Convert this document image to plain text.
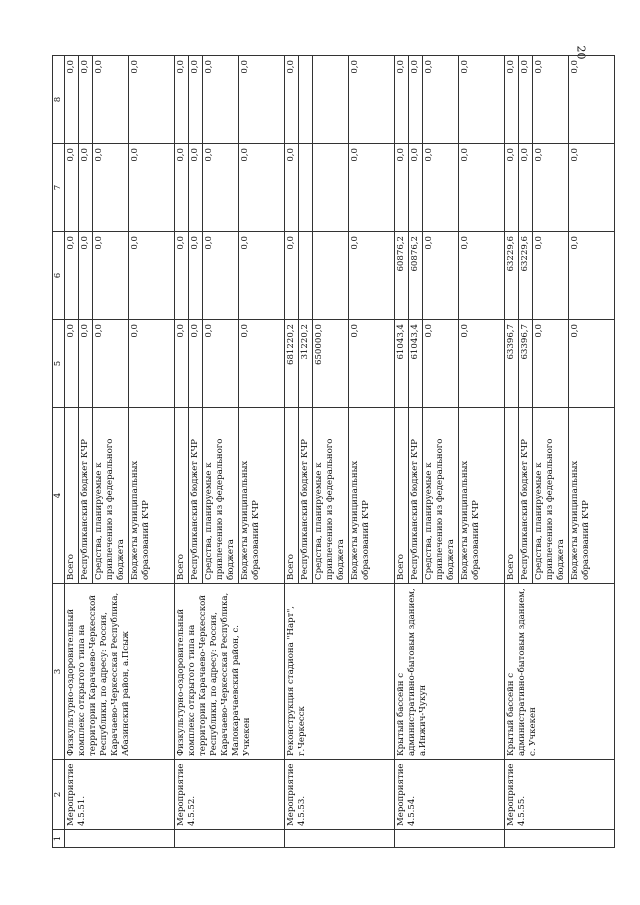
20
1	2	3	4	5	6	7	8
	Мероприятие 4.5.51.	Физкультурно-оздоровительный комплекс открытого типа на территории Карачаево-Черкесской Республики, по адресу: Россия, Карачаево-Черкесская Республика, Абазинский район, а.Псыж	Всего	0,0	0,0	0,0	0,0
			Республиканский бюджет КЧР	0,0	0,0	0,0	0,0
			Средства, планируемые к привлечению из федерального бюджета	0,0	0,0	0,0	0,0
			Бюджеты муниципальных образований КЧР	0,0	0,0	0,0	0,0
	Мероприятие 4.5.52.	Физкультурно-оздоровительный комплекс открытого типа на территории Карачаево-Черкесской Республики, по адресу: Россия, Карачаево-Черкесская Республика, Малокарачаевский район, с. Учкекен	Всего	0,0	0,0	0,0	0,0
			Республиканский бюджет КЧР	0,0	0,0	0,0	0,0
			Средства, планируемые к привлечению из федерального бюджета	0,0	0,0	0,0	0,0
			Бюджеты муниципальных образований КЧР	0,0	0,0	0,0	0,0
	Мероприятие 4.5.53.	Реконструкция стадиона "Нарт", г.Черкесск	Всего	681220,2	0,0	0,0	0,0
			Республиканский бюджет КЧР	31220,2			
			Средства, планируемые к привлечению из федерального бюджета	650000,0			
			Бюджеты муниципальных образований КЧР	0,0	0,0	0,0	0,0
	Мероприятие 4.5.54.	Крытый бассейн с административно-бытовым зданием, а.Инжич-Чукун	Всего	61043,4	60876,2	0,0	0,0
			Республиканский бюджет КЧР	61043,4	60876,2	0,0	0,0
			Средства, планируемые к привлечению из федерального бюджета	0,0	0,0	0,0	0,0
			Бюджеты муниципальных образований КЧР	0,0	0,0	0,0	0,0
	Мероприятие 4.5.55.	Крытый бассейн с административно-бытовым зданием, с. Учкекен	Всего	63396,7	63229,6	0,0	0,0
			Республиканский бюджет КЧР	63396,7	63229,6	0,0	0,0
			Средства, планируемые к привлечению из федерального бюджета	0,0	0,0	0,0	0,0
			Бюджеты муниципальных образований КЧР	0,0	0,0	0,0	0,0
